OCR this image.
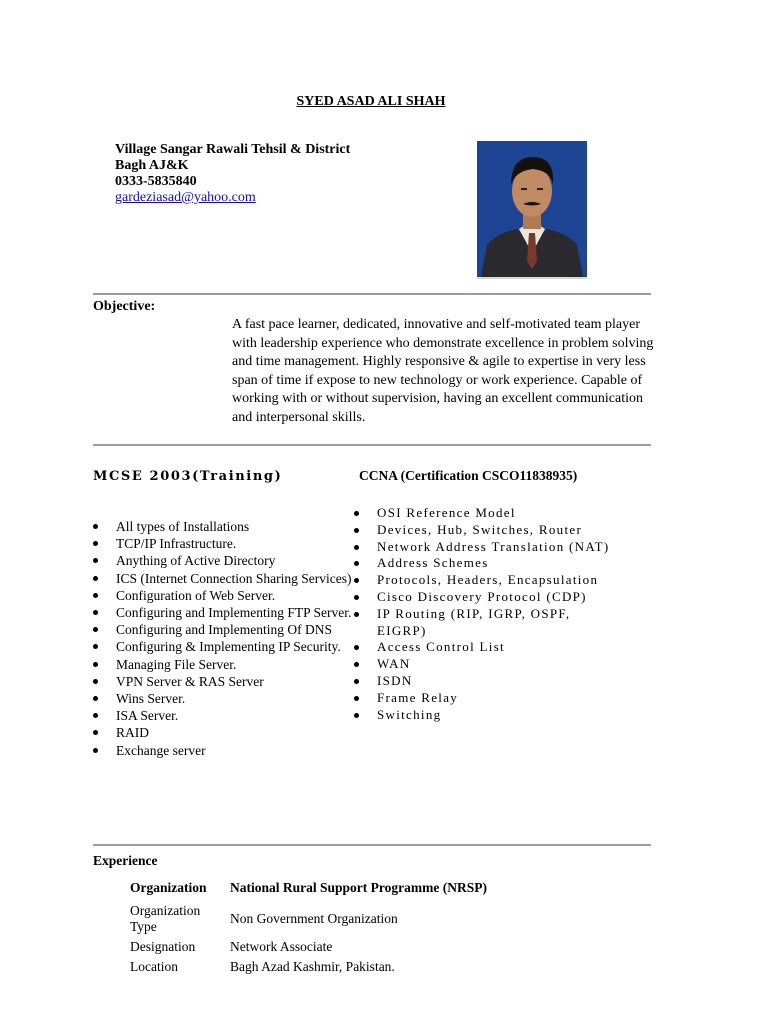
SYED ASAD ALI SHAH
Village Sangar Rawali Tehsil & District
Bagh AJ&K
0333-5835840
gardeziasad@yahoo.com
Objective:
A fast pace learner, dedicated, innovative and self-motivated team player with leadership experience who demonstrate excellence in problem solving and time management. Highly responsive & agile to expertise in very less span of time if expose to new technology or work experience. Capable of working with or without supervision, having an excellent communication and interpersonal skills.
MCSE 2003(Training)	CCNA (Certification CSCO11838935)
All types of Installations
TCP/IP Infrastructure.
Anything of Active Directory
ICS (Internet Connection Sharing Services)
Configuration of Web Server.
Configuring and Implementing FTP Server.
Configuring and Implementing Of DNS
Configuring & Implementing IP Security.
Managing File Server.
VPN Server & RAS Server
Wins Server.
ISA Server.
RAID
Exchange server
OSI Reference Model
Devices, Hub, Switches, Router
Network Address Translation (NAT)
Address Schemes
Protocols, Headers, Encapsulation
Cisco Discovery Protocol (CDP)
IP Routing (RIP, IGRP, OSPF, EIGRP)
Access Control List
WAN
ISDN
Frame Relay
Switching
Experience
Organization	National Rural Support Programme (NRSP)
Organization Type	Non Government Organization
Designation	Network Associate
Location	Bagh Azad Kashmir, Pakistan.
